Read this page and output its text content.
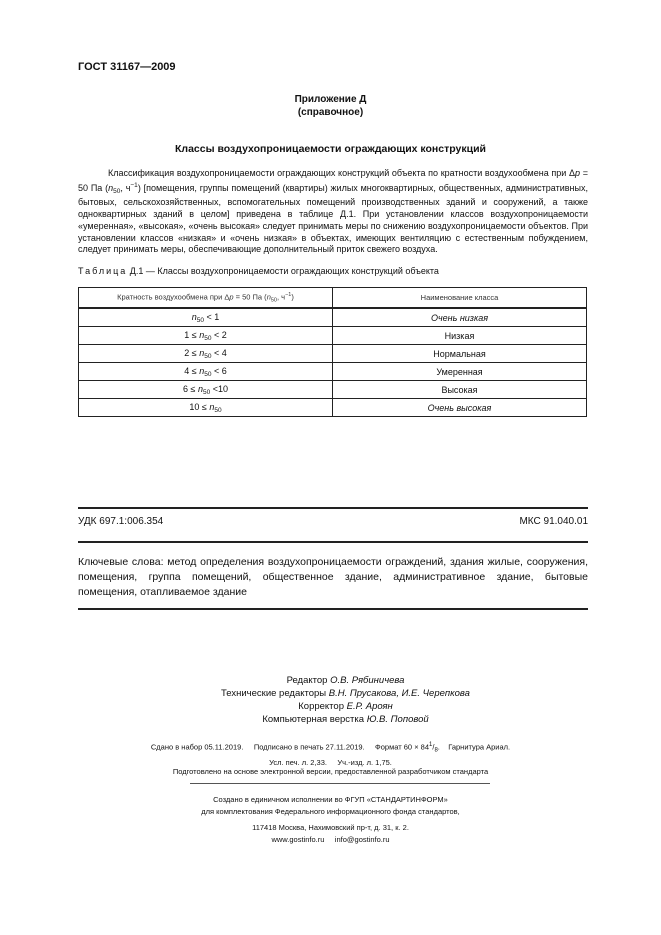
ГОСТ 31167—2009
Приложение Д
(справочное)
Классы воздухопроницаемости ограждающих конструкций

Классификация воздухопроницаемости ограждающих конструкций объекта по кратности воздухообмена при Δp = 50 Па ($n_{50}$, $ч^{-1}$) [помещения, группы помещений (квартиры) жилых многоквартирных, общественных, административных, бытовых, сельскохозяйственных, вспомогательных помещений производственных зданий и сооружений, а также одноквартирных зданий в целом] приведена в таблице Д.1. При установлении классов воздухопроницаемости «умеренная», «высокая», «очень высокая» следует принимать меры по снижению воздухопроницаемости объектов. При установлении классов «низкая» и «очень низкая» в объектах, имеющих вентиляцию с естественным побуждением, следует принимать меры, обеспечивающие дополнительный приток свежего воздуха.

Таблица Д.1 — Классы воздухопроницаемости ограждающих конструкций объекта
Кратность воздухообмена при Δp = 50 Па ($n_{50}$, $ч^{-1}$)	Наименование класса
$n_{50} < 1$	Очень низкая
$1 \le n_{50} < 2$	Низкая
$2 \le n_{50} < 4$	Нормальная
$4 \le n_{50} < 6$	Умеренная
$6 \le n_{50} <10$	Высокая
$10 \le n_{50}$	Очень высокая
УДК 697.1:006.354	МКС 91.040.01
Ключевые слова: метод определения воздухопроницаемости ограждений, здания жилые, сооружения, помещения, группа помещений, общественное здание, административное здание, бытовые помещения, отапливаемое здание
Редактор О.В. Рябиничева
Технические редакторы В.Н. Прусакова, И.Е. Черепкова
Корректор Е.Р. Ароян
Компьютерная верстка Ю.В. Поповой
Сдано в набор 05.11.2019.     Подписано в печать 27.11.2019.     Формат $60 \times 84^1/_8$.    Гарнитура Ариал.
Усл. печ. л. 2,33.     Уч.-изд. л. 1,75.
Подготовлено на основе электронной версии, предоставленной разработчиком стандарта
Создано в единичном исполнении во ФГУП «СТАНДАРТИНФОРМ»
для комплектования Федерального информационного фонда стандартов,
117418 Москва, Нахимовский пр-т, д. 31, к. 2.
www.gostinfo.ru     info@gostinfo.ru
